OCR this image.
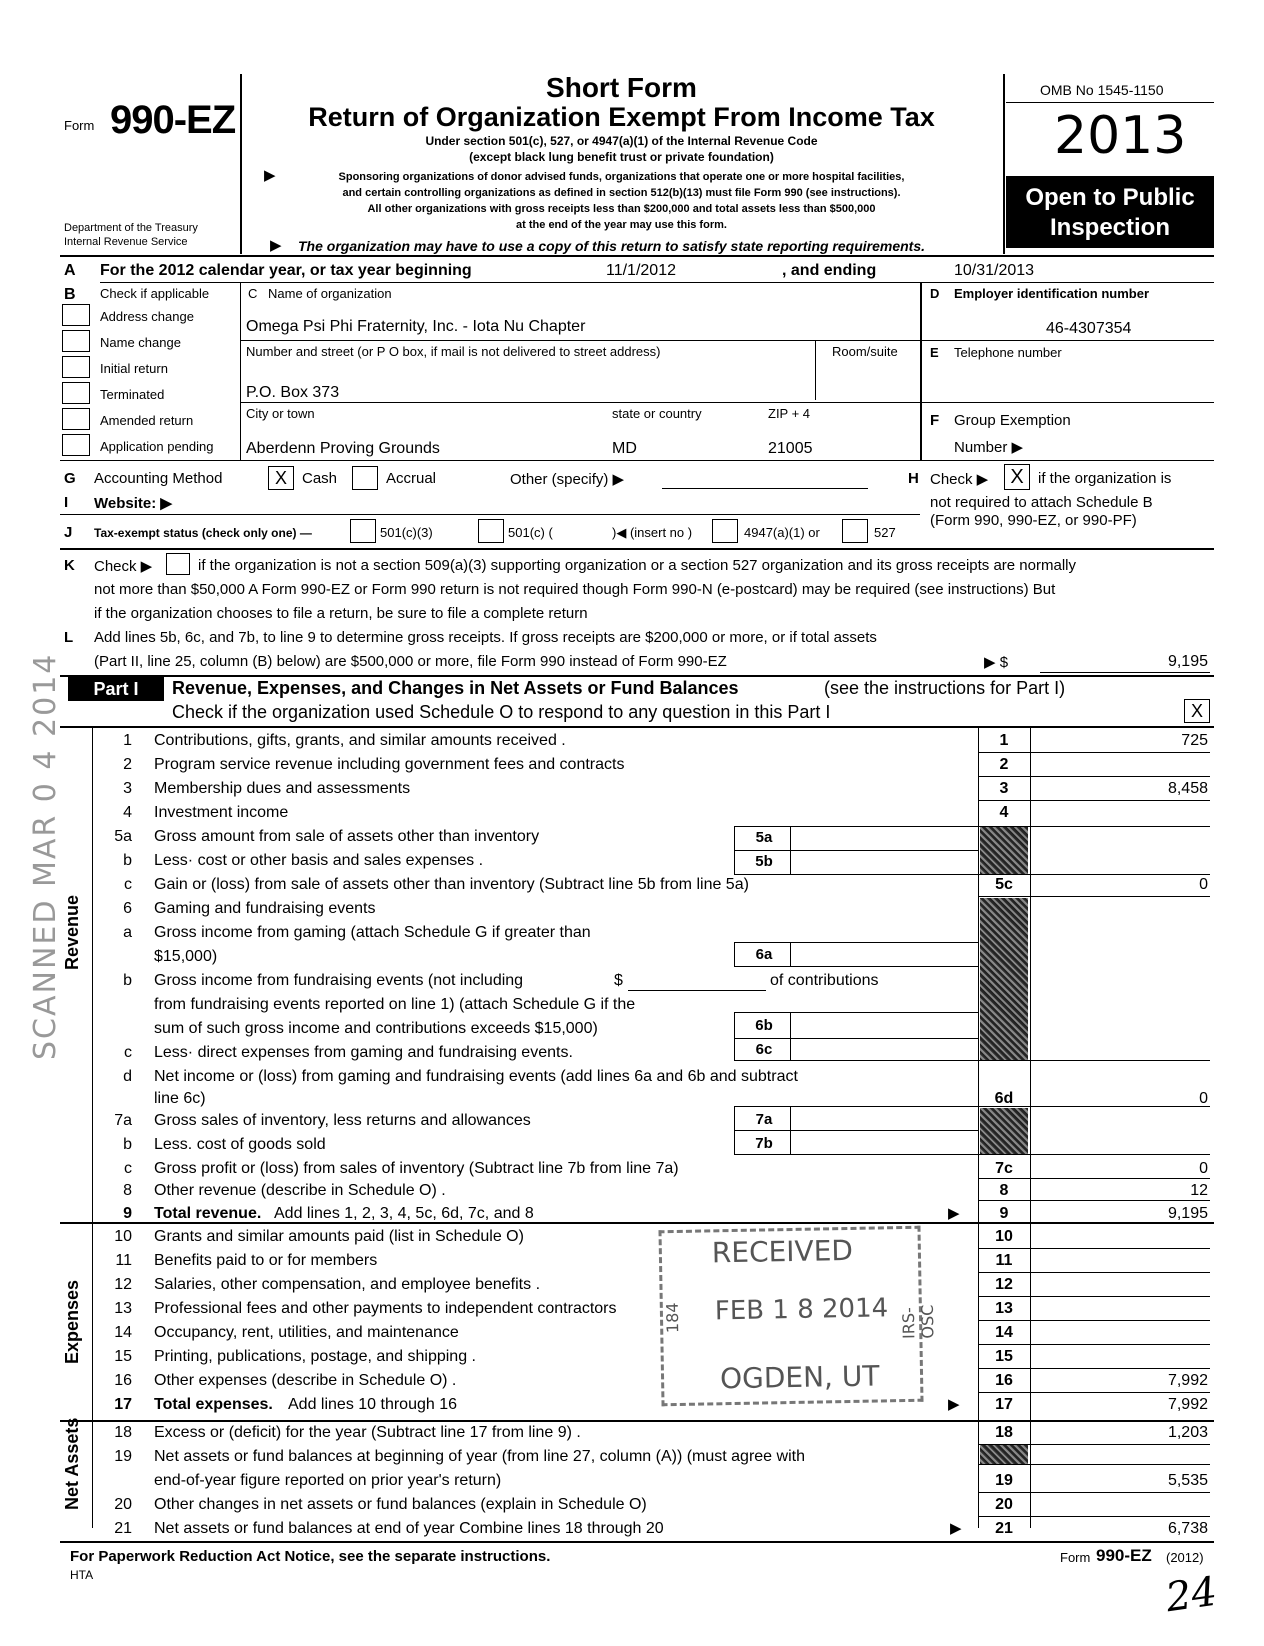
Form 990-EZ
Department of the Treasury
Internal Revenue Service
Short Form
Return of Organization Exempt From Income Tax
Under section 501(c), 527, or 4947(a)(1) of the Internal Revenue Code
(except black lung benefit trust or private foundation)
▶	Sponsoring organizations of donor advised funds, organizations that operate one or more hospital facilities,
and certain controlling organizations as defined in section 512(b)(13) must file Form 990 (see instructions).
All other organizations with gross receipts less than $200,000 and total assets less than $500,000
at the end of the year may use this form.
▶ The organization may have to use a copy of this return to satisfy state reporting requirements.
OMB No 1545-1150
2013
Open to Public
Inspection
A For the 2012 calendar year, or tax year beginning	11/1/2012	, and ending	10/31/2013
B Check if applicable
Address change
Name change
Initial return
Terminated
Amended return
Application pending
C Name of organization
Omega Psi Phi Fraternity, Inc. - Iota Nu Chapter
Number and street (or P O box, if mail is not delivered to street address)	Room/suite
P.O. Box 373
City or town	state or country	ZIP + 4
Aberdenn Proving Grounds	MD	21005
D Employer identification number
46-4307354
E Telephone number
F Group Exemption
Number ▶
G Accounting Method	X	Cash	Accrual	Other (specify) ▶
I Website: ▶
J Tax-exempt status (check only one) —	501(c)(3)	501(c) (	)◀ (insert no )	4947(a)(1) or	527
H Check ▶	X if the organization is
not required to attach Schedule B
(Form 990, 990-EZ, or 990-PF)
K Check ▶	if the organization is not a section 509(a)(3) supporting organization or a section 527 organization and its gross receipts are normally
not more than $50,000 A Form 990-EZ or Form 990 return is not required though Form 990-N (e-postcard) may be required (see instructions) But
if the organization chooses to file a return, be sure to file a complete return
L Add lines 5b, 6c, and 7b, to line 9 to determine gross receipts. If gross receipts are $200,000 or more, or if total assets
(Part II, line 25, column (B) below) are $500,000 or more, file Form 990 instead of Form 990-EZ	▶ $	9,195
Part I	Revenue, Expenses, and Changes in Net Assets or Fund Balances	(see the instructions for Part I)
Check if the organization used Schedule O to respond to any question in this Part I	X
Revenue
Expenses
Net Assets
1 Contributions, gifts, grants, and similar amounts received .	1	725
2 Program service revenue including government fees and contracts	2
3 Membership dues and assessments	3	8,458
4 Investment income	4
5a Gross amount from sale of assets other than inventory	5a
b Less· cost or other basis and sales expenses .	5b
c Gain or (loss) from sale of assets other than inventory (Subtract line 5b from line 5a)	5c	0
6 Gaming and fundraising events
a Gross income from gaming (attach Schedule G if greater than
$15,000)	6a
b Gross income from fundraising events (not including	$	of contributions
from fundraising events reported on line 1) (attach Schedule G if the
sum of such gross income and contributions exceeds $15,000)	6b
c Less· direct expenses from gaming and fundraising events.	6c
d Net income or (loss) from gaming and fundraising events (add lines 6a and 6b and subtract
line 6c)	6d	0
7a Gross sales of inventory, less returns and allowances	7a
b Less. cost of goods sold	7b
c Gross profit or (loss) from sales of inventory (Subtract line 7b from line 7a)	7c	0
8 Other revenue (describe in Schedule O) .	8	12
9 Total revenue. Add lines 1, 2, 3, 4, 5c, 6d, 7c, and 8	▶	9	9,195
10 Grants and similar amounts paid (list in Schedule O)	10
11 Benefits paid to or for members	11
12 Salaries, other compensation, and employee benefits .	12
13 Professional fees and other payments to independent contractors	13
14 Occupancy, rent, utilities, and maintenance	14
15 Printing, publications, postage, and shipping .	15
16 Other expenses (describe in Schedule O) .	16	7,992
17 Total expenses. Add lines 10 through 16	▶	17	7,992
18 Excess or (deficit) for the year (Subtract line 17 from line 9) .	18	1,203
19 Net assets or fund balances at beginning of year (from line 27, column (A)) (must agree with
end-of-year figure reported on prior year's return)	19	5,535
20 Other changes in net assets or fund balances (explain in Schedule O)	20
21 Net assets or fund balances at end of year Combine lines 18 through 20	▶	21	6,738
RECEIVED
FEB 1 8 2014
OGDEN, UT
IRS-OSC
184
SCANNED MAR 0 4 2014
For Paperwork Reduction Act Notice, see the separate instructions.
HTA
Form 990-EZ (2012)
24
